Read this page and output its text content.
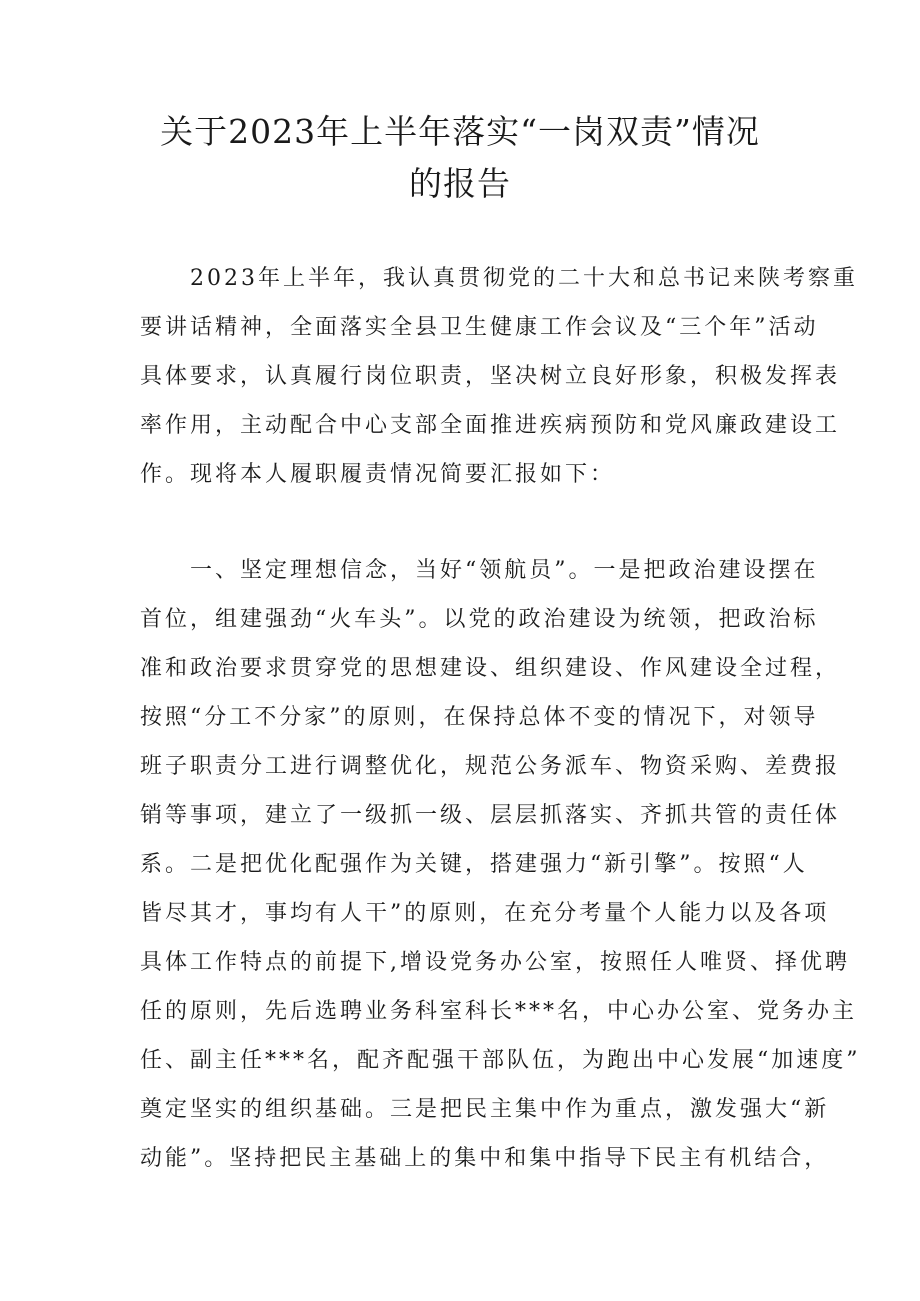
关于2023年上半年落实“一岗双责”情况
的报告
　　2023年上半年，我认真贯彻党的二十大和总书记来陕考察重
要讲话精神，全面落实全县卫生健康工作会议及“三个年”活动
具体要求，认真履行岗位职责，坚决树立良好形象，积极发挥表
率作用，主动配合中心支部全面推进疾病预防和党风廉政建设工
作。现将本人履职履责情况简要汇报如下：
　　一、坚定理想信念，当好“领航员”。一是把政治建设摆在
首位，组建强劲“火车头”。以党的政治建设为统领，把政治标
准和政治要求贯穿党的思想建设、组织建设、作风建设全过程，
按照“分工不分家”的原则，在保持总体不变的情况下，对领导
班子职责分工进行调整优化，规范公务派车、物资采购、差费报
销等事项，建立了一级抓一级、层层抓落实、齐抓共管的责任体
系。二是把优化配强作为关键，搭建强力“新引擎”。按照“人
皆尽其才，事均有人干”的原则，在充分考量个人能力以及各项
具体工作特点的前提下,增设党务办公室，按照任人唯贤、择优聘
任的原则，先后选聘业务科室科长***名，中心办公室、党务办主
任、副主任***名，配齐配强干部队伍，为跑出中心发展“加速度”
奠定坚实的组织基础。三是把民主集中作为重点，激发强大“新
动能”。坚持把民主基础上的集中和集中指导下民主有机结合，
